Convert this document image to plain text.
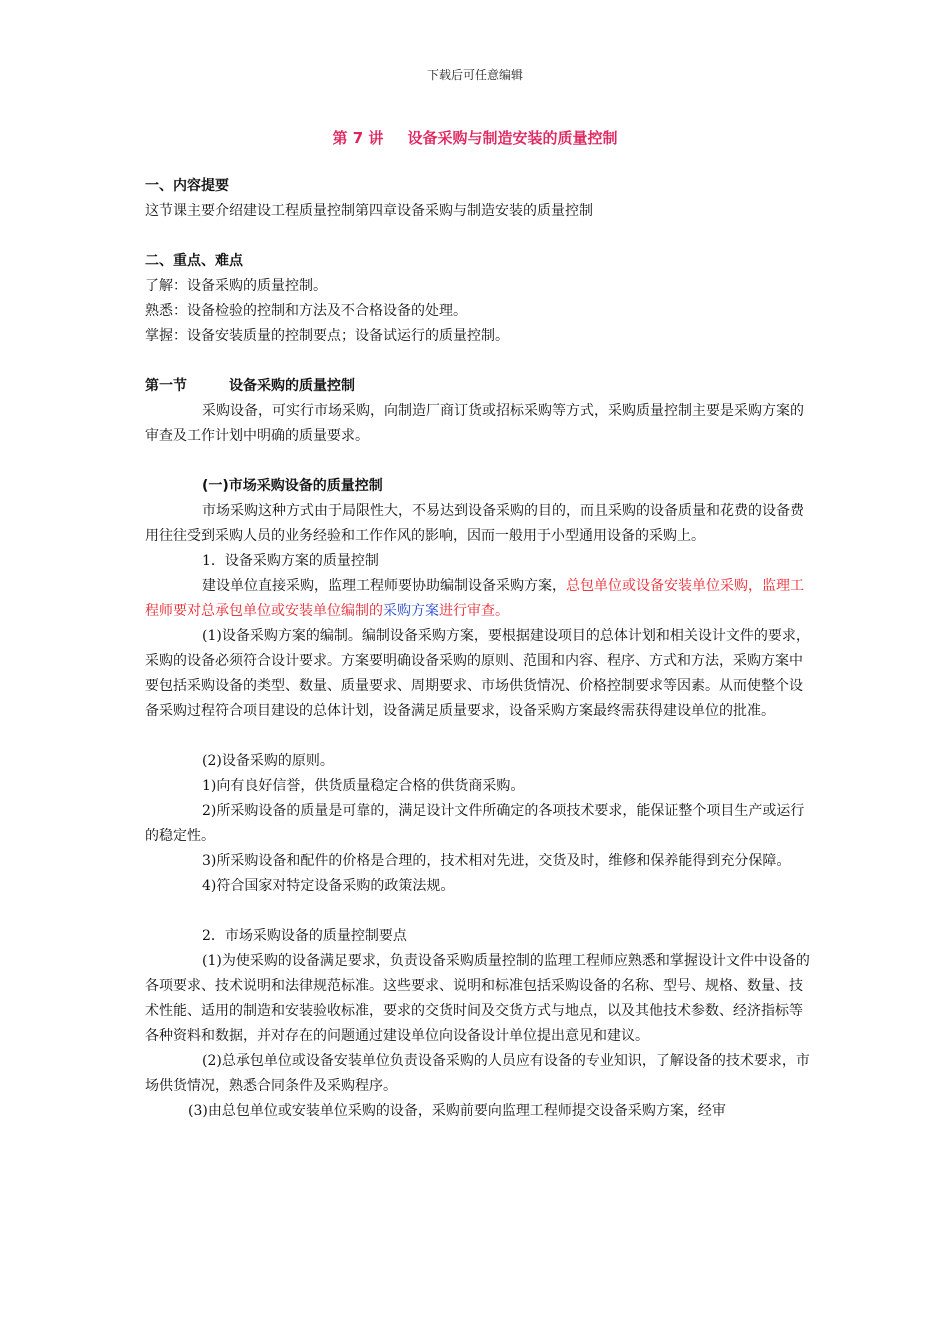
下载后可任意编辑
第 7 讲 设备采购与制造安装的质量控制
一、内容提要

这节课主要介绍建设工程质量控制第四章设备采购与制造安装的质量控制

二、重点、难点

了解：设备采购的质量控制。

熟悉：设备检验的控制和方法及不合格设备的处理。

掌握：设备安装质量的控制要点；设备试运行的质量控制。

第一节	设备采购的质量控制

采购设备，可实行市场采购，向制造厂商订货或招标采购等方式，采购质量控制主要是采购方案的审查及工作计划中明确的质量要求。

(一)市场采购设备的质量控制

市场采购这种方式由于局限性大，不易达到设备采购的目的，而且采购的设备质量和花费的设备费用往往受到采购人员的业务经验和工作作风的影响，因而一般用于小型通用设备的采购上。

1．设备采购方案的质量控制

建设单位直接采购，监理工程师要协助编制设备采购方案，总包单位或设备安装单位采购，监理工程师要对总承包单位或安装单位编制的采购方案进行审查。

(1)设备采购方案的编制。编制设备采购方案，要根据建设项目的总体计划和相关设计文件的要求，采购的设备必须符合设计要求。方案要明确设备采购的原则、范围和内容、程序、方式和方法，采购方案中要包括采购设备的类型、数量、质量要求、周期要求、市场供货情况、价格控制要求等因素。从而使整个设备采购过程符合项目建设的总体计划，设备满足质量要求，设备采购方案最终需获得建设单位的批准。

(2)设备采购的原则。

1)向有良好信誉，供货质量稳定合格的供货商采购。

2)所采购设备的质量是可靠的，满足设计文件所确定的各项技术要求，能保证整个项目生产或运行的稳定性。

3)所采购设备和配件的价格是合理的，技术相对先进，交货及时，维修和保养能得到充分保障。

4)符合国家对特定设备采购的政策法规。

2．市场采购设备的质量控制要点

(1)为使采购的设备满足要求，负责设备采购质量控制的监理工程师应熟悉和掌握设计文件中设备的各项要求、技术说明和法律规范标准。这些要求、说明和标准包括采购设备的名称、型号、规格、数量、技术性能、适用的制造和安装验收标准，要求的交货时间及交货方式与地点，以及其他技术参数、经济指标等各种资料和数据，并对存在的问题通过建设单位向设备设计单位提出意见和建议。

(2)总承包单位或设备安装单位负责设备采购的人员应有设备的专业知识，了解设备的技术要求，市场供货情况，熟悉合同条件及采购程序。

(3)由总包单位或安装单位采购的设备，采购前要向监理工程师提交设备采购方案，经审
